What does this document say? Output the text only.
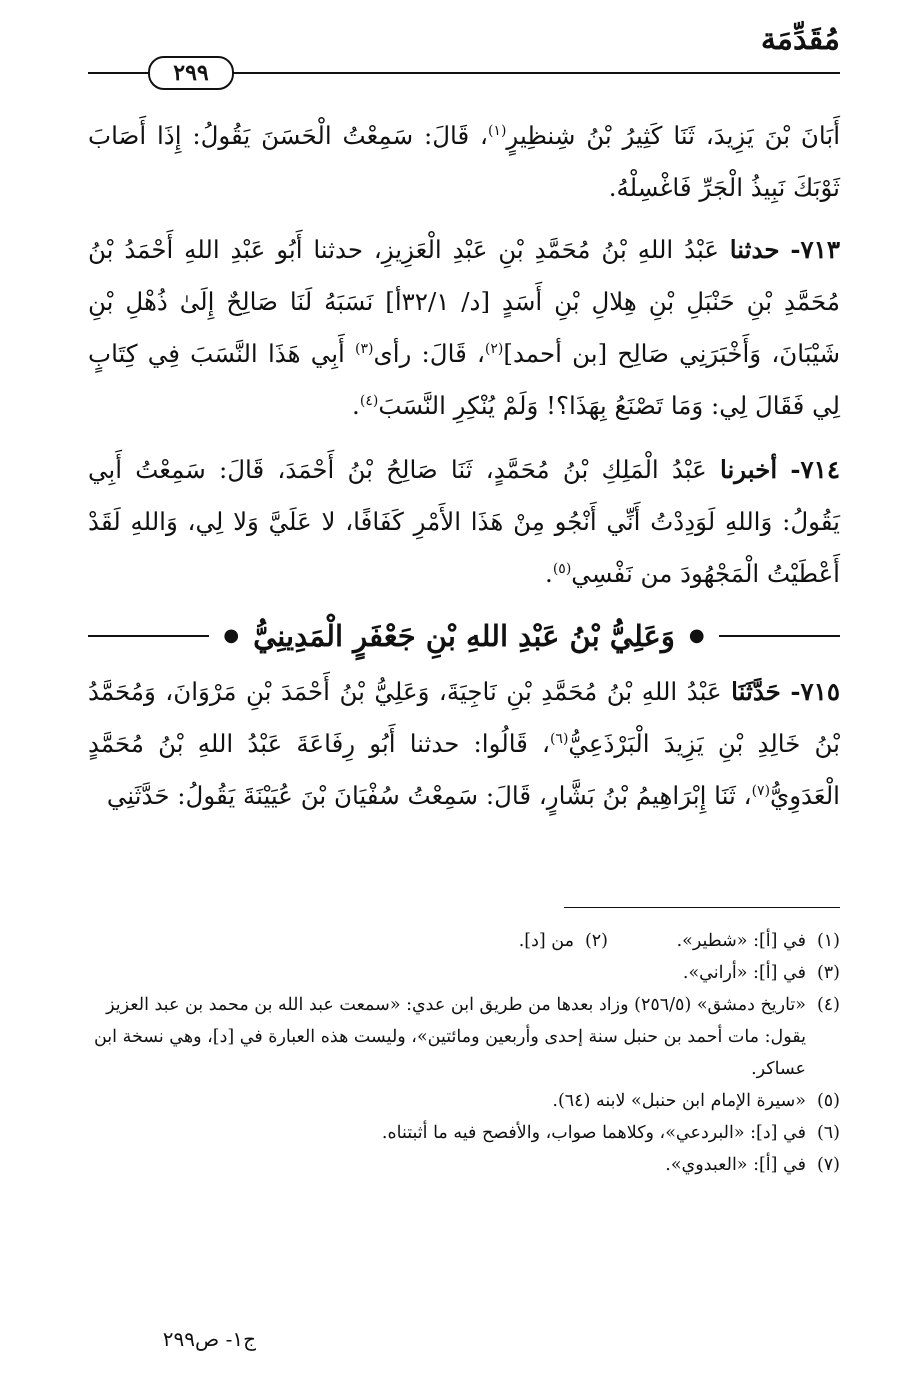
مُقَدِّمَة
٢٩٩

أَبَانَ بْنَ يَزِيدَ، ثَنَا كَثِيرُ بْنُ شِنظِيرٍ$^{(١)}$، قَالَ: سَمِعْتُ الْحَسَنَ يَقُولُ: إِذَا أَصَابَ ثَوْبَكَ نَبِيذُ الْجَرِّ فَاغْسِلْهُ.

٧١٣- حدثنا عَبْدُ اللهِ بْنُ مُحَمَّدِ بْنِ عَبْدِ الْعَزِيزِ، حدثنا أَبُو عَبْدِ اللهِ أَحْمَدُ بْنُ مُحَمَّدِ بْنِ حَنْبَلِ بْنِ هِلالِ بْنِ أَسَدٍ [د/ ٣٢/١أ] نَسَبَهُ لَنَا صَالِحٌ إِلَىٰ ذُهْلِ بْنِ شَيْبَانَ، وَأَخْبَرَنِي صَالِح [بن أحمد]$^{(٢)}$، قَالَ: رأى$^{(٣)}$ أَبِي هَذَا النَّسَبَ فِي كِتَابٍ لِي فَقَالَ لِي: وَمَا تَصْنَعُ بِهَذَا؟! وَلَمْ يُنْكِرِ النَّسَبَ$^{(٤)}$.

٧١٤- أخبرنا عَبْدُ الْمَلِكِ بْنُ مُحَمَّدٍ، ثَنَا صَالِحُ بْنُ أَحْمَدَ، قَالَ: سَمِعْتُ أَبِي يَقُولُ: وَاللهِ لَوَدِدْتُ أَنِّي أَنْجُو مِنْ هَذَا الأَمْرِ كَفَافًا، لا عَلَيَّ وَلا لِي، وَاللهِ لَقَدْ أَعْطَيْتُ الْمَجْهُودَ من نَفْسِي$^{(٥)}$.

●
وَعَلِيُّ بْنُ عَبْدِ اللهِ بْنِ جَعْفَرٍ الْمَدِينِيُّ
●

٧١٥- حَدَّثَنَا عَبْدُ اللهِ بْنُ مُحَمَّدِ بْنِ نَاجِيَةَ، وَعَلِيُّ بْنُ أَحْمَدَ بْنِ مَرْوَانَ، وَمُحَمَّدُ بْنُ خَالِدِ بْنِ يَزِيدَ الْبَرْذَعِيُّ$^{(٦)}$، قَالُوا: حدثنا أَبُو رِفَاعَةَ عَبْدُ اللهِ بْنُ مُحَمَّدٍ الْعَدَوِيُّ$^{(٧)}$، ثَنَا إِبْرَاهِيمُ بْنُ بَشَّارٍ، قَالَ: سَمِعْتُ سُفْيَانَ بْنَ عُيَيْنَةَ يَقُولُ: حَدَّثَنِي

(١)
في [أ]: «شطير».
(٢)
من [د].
(٣)
في [أ]: «أراني».
(٤)
«تاريخ دمشق» (٢٥٦/٥) وزاد بعدها من طريق ابن عدي: «سمعت عبد الله بن محمد بن عبد العزيز يقول: مات أحمد بن حنبل سنة إحدى وأربعين ومائتين»، وليست هذه العبارة في [د]، وهي نسخة ابن عساكر.
(٥)
«سيرة الإمام ابن حنبل» لابنه (٦٤).
(٦)
في [د]: «البردعي»، وكلاهما صواب، والأفصح فيه ما أثبتناه.
(٧)
في [أ]: «العبدوي».
ج١- ص٢٩٩
